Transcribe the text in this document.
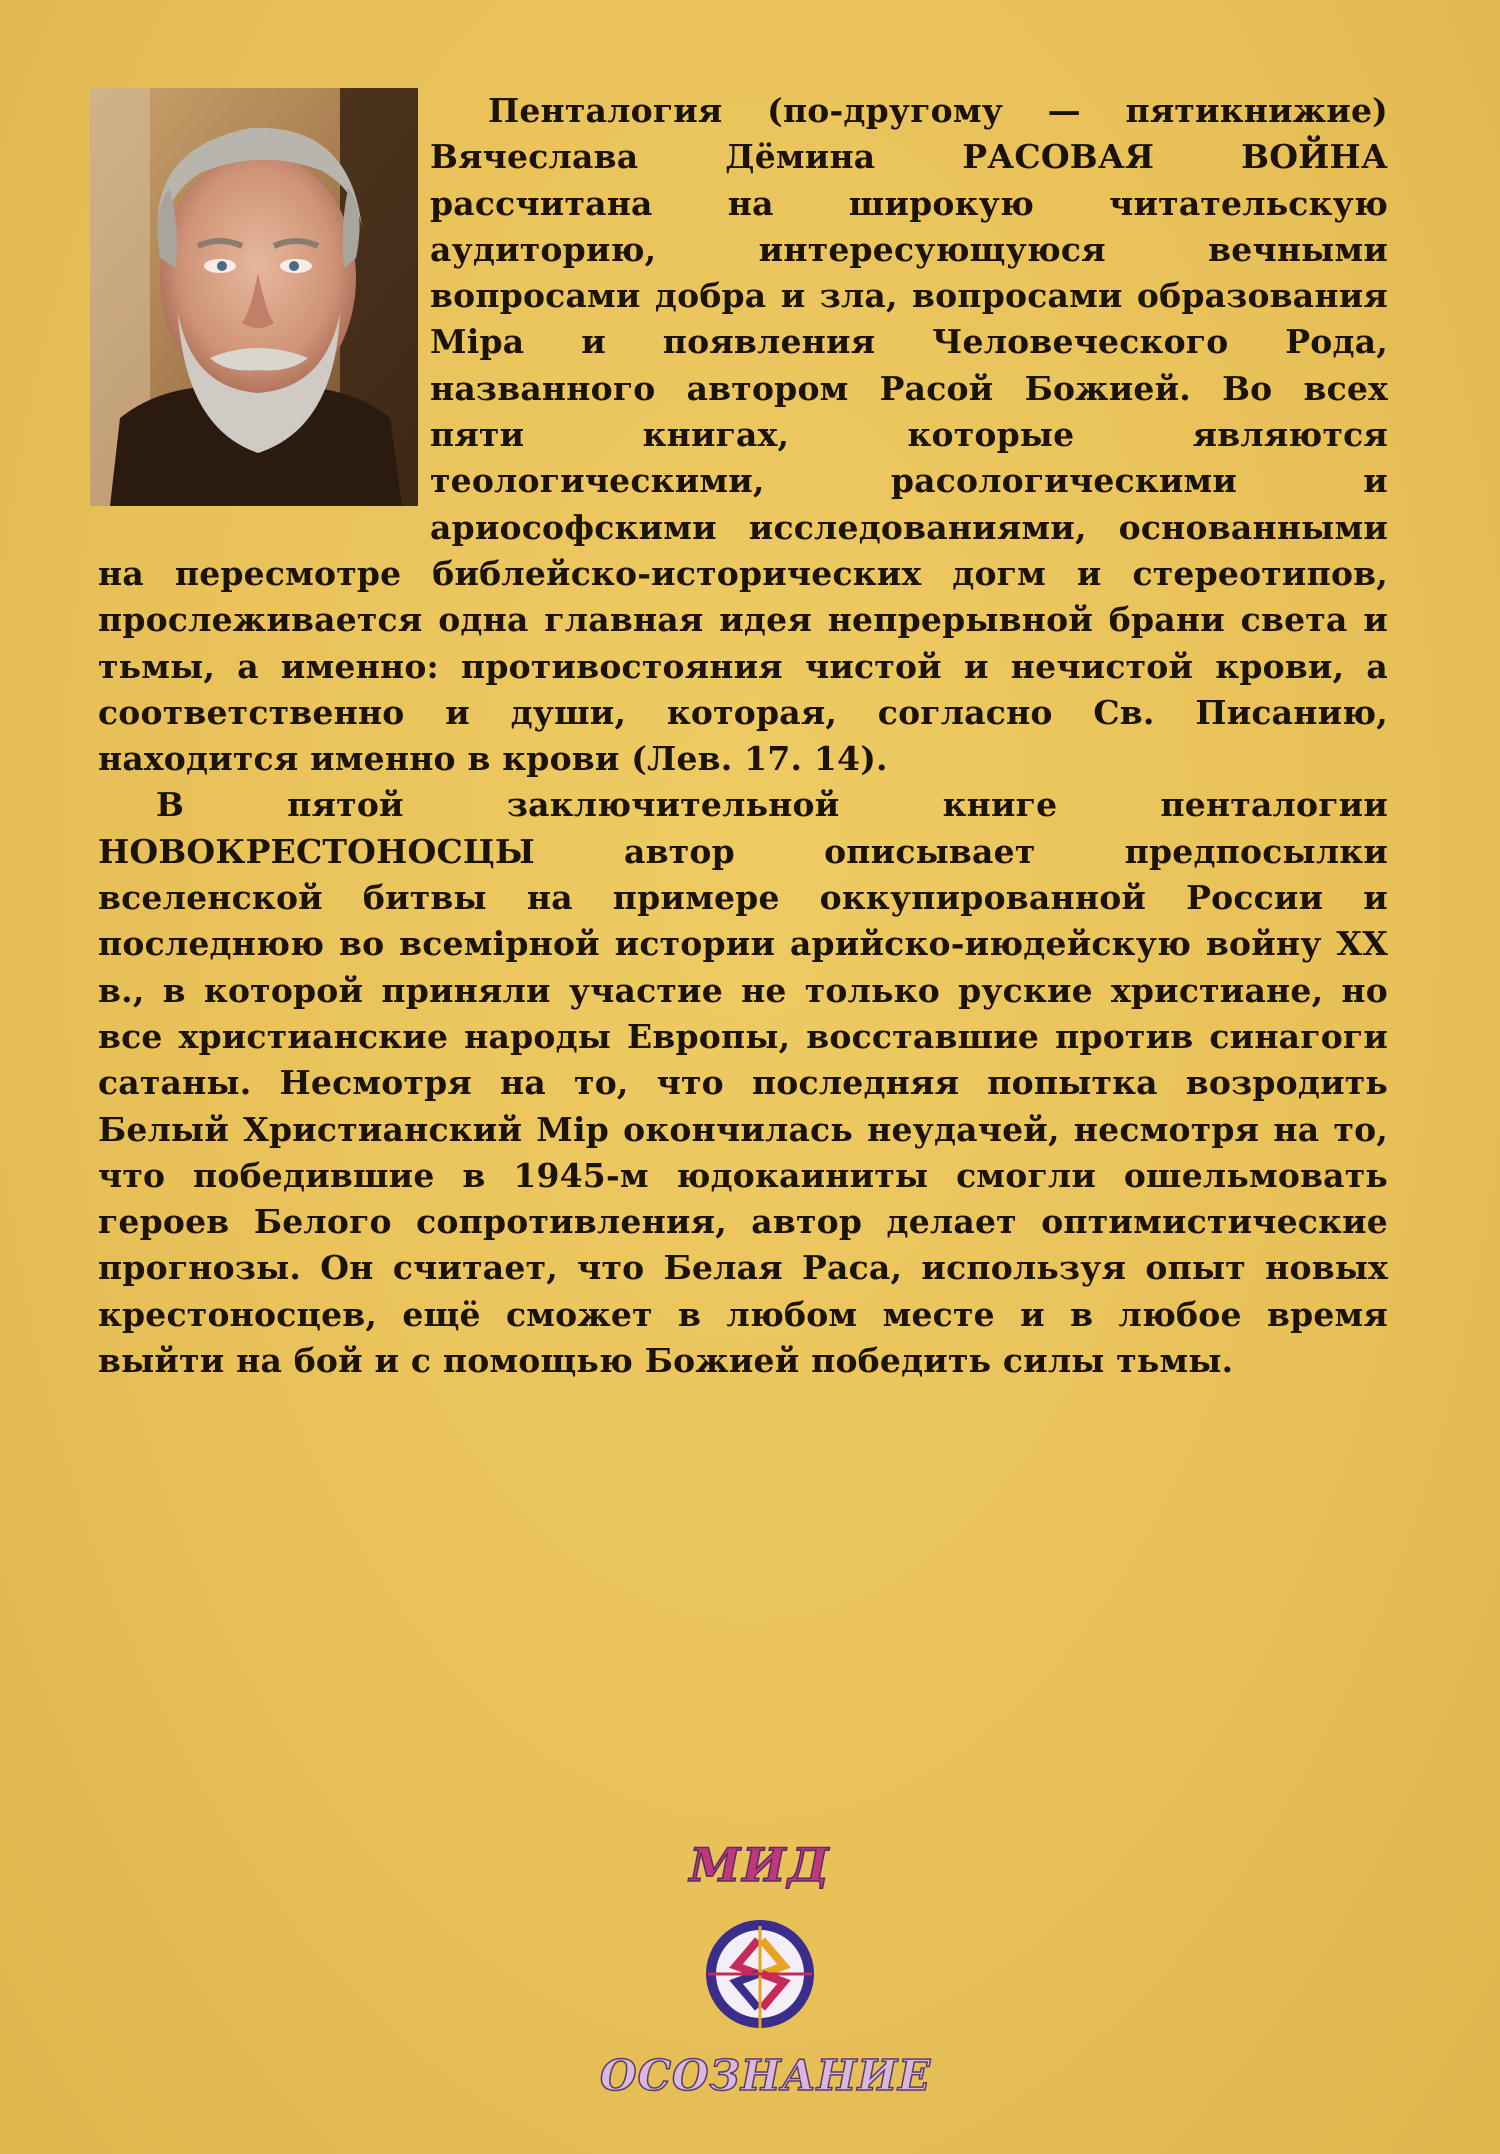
Пенталогия (по-другому — пятикнижие) Вячеслава Дёмина РАСОВАЯ ВОЙНА рассчитана на широкую читательскую аудиторию, интересующуюся вечными вопросами добра и зла, вопросами образования Міра и появления Человеческого Рода, названного автором Расой Божией. Во всех пяти книгах, которые являются теологическими, расологическими и ариософскими исследованиями, основанными на пересмотре библейско-исторических догм и стереотипов, прослеживается одна главная идея непрерывной брани света и тьмы, а именно: противостояния чистой и нечистой крови, а соответственно и души, которая, согласно Св. Писанию, находится именно в крови (Лев. 17. 14).

В пятой заключительной книге пенталогии НОВОКРЕСТОНОСЦЫ автор описывает предпосылки вселенской битвы на примере оккупированной России и последнюю во всемірной истории арийско-июдейскую войну XX в., в которой приняли участие не только руские христиане, но все христианские народы Европы, восставшие против синагоги сатаны. Несмотря на то, что последняя попытка возродить Белый Христианский Мір окончилась неудачей, несмотря на то, что победившие в 1945-м юдокаиниты смогли ошельмовать героев Белого сопротивления, автор делает оптимистические прогнозы. Он считает, что Белая Раса, используя опыт новых крестоносцев, ещё сможет в любом месте и в любое время выйти на бой и с помощью Божией победить силы тьмы.

МИД
ОСОЗНАНИЕ
